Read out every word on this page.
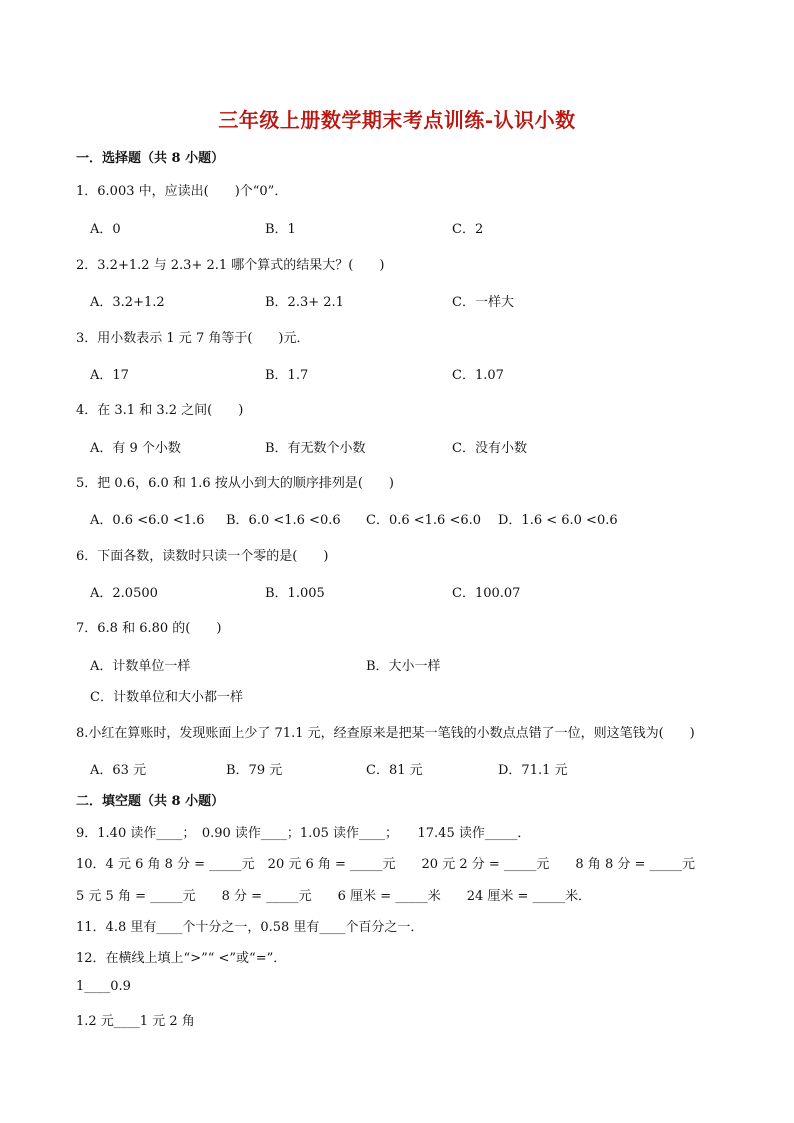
三年级上册数学期末考点训练-认识小数
一．选择题（共 8 小题）
1．6.003 中，应读出(　　)个“0”．
A．0	B．1	C．2
2．3.2+1.2 与 2.3+ 2.1 哪个算式的结果大？(　　)
A．3.2+1.2	B．2.3+ 2.1	C．一样大
3．用小数表示 1 元 7 角等于(　　)元．
A．17	B．1.7	C．1.07
4．在 3.1 和 3.2 之间(　　)
A．有 9 个小数	B．有无数个小数	C．没有小数
5．把 0.6，6.0 和 1.6 按从小到大的顺序排列是(　　)
A．0.6 <6.0 <1.6 B．6.0 <1.6 <0.6 C．0.6 <1.6 <6.0 D．1.6 < 6.0 <0.6
6．下面各数，读数时只读一个零的是(　　)
A．2.0500	B．1.005	C．100.07
7．6.8 和 6.80 的(　　)
A．计数单位一样	B．大小一样
C．计数单位和大小都一样
8.小红在算账时，发现账面上少了 71.1 元，经查原来是把某一笔钱的小数点点错了一位，则这笔钱为(　　)
A．63 元	B．79 元	C．81 元	D．71.1 元
二．填空题（共 8 小题）
9．1.40 读作____；　0.90 读作____；1.05 读作____；　　17.45 读作_____．
10．4 元 6 角 8 分 = _____元　20 元 6 角 = _____元　　20 元 2 分 = _____元　　8 角 8 分 = _____元
5 元 5 角 = _____元　　8 分 = _____元　　6 厘米 = _____米　　24 厘米 = _____米．
11．4.8 里有____个十分之一，0.58 里有____个百分之一．
12．在横线上填上“>”“ <”或“=”．
1____0.9
1.2 元____1 元 2 角
